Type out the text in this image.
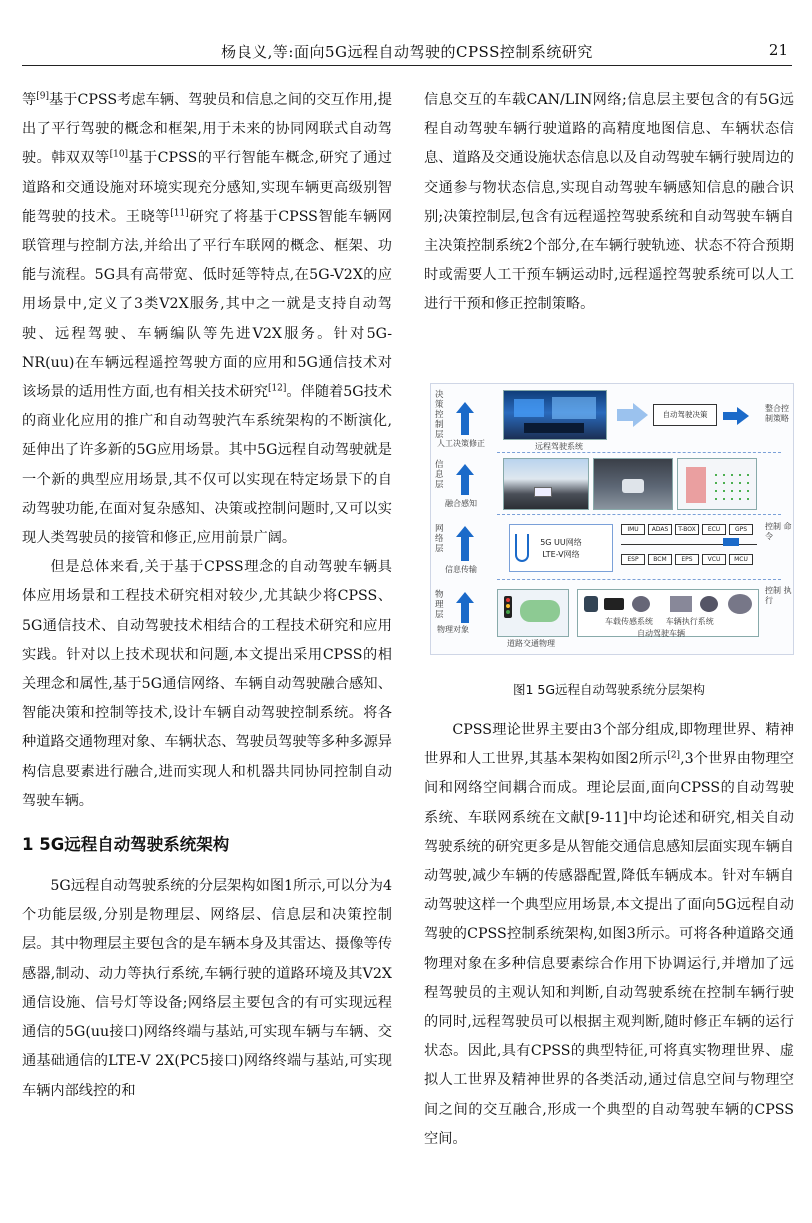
杨良义,等:面向5G远程自动驾驶的CPSS控制系统研究	21

等[9]基于CPSS考虑车辆、驾驶员和信息之间的交互作用,提出了平行驾驶的概念和框架,用于未来的协同网联式自动驾驶。韩双双等[10]基于CPSS的平行智能车概念,研究了通过道路和交通设施对环境实现充分感知,实现车辆更高级别智能驾驶的技术。王晓等[11]研究了将基于CPSS智能车辆网联管理与控制方法,并给出了平行车联网的概念、框架、功能与流程。5G具有高带宽、低时延等特点,在5G-V2X的应用场景中,定义了3类V2X服务,其中之一就是支持自动驾驶、远程驾驶、车辆编队等先进V2X服务。针对5G-NR(uu)在车辆远程遥控驾驶方面的应用和5G通信技术对该场景的适用性方面,也有相关技术研究[12]。伴随着5G技术的商业化应用的推广和自动驾驶汽车系统架构的不断演化,延伸出了许多新的5G应用场景。其中5G远程自动驾驶就是一个新的典型应用场景,其不仅可以实现在特定场景下的自动驾驶功能,在面对复杂感知、决策或控制问题时,又可以实现人类驾驶员的接管和修正,应用前景广阔。

但是总体来看,关于基于CPSS理念的自动驾驶车辆具体应用场景和工程技术研究相对较少,尤其缺少将CPSS、5G通信技术、自动驾驶技术相结合的工程技术研究和应用实践。针对以上技术现状和问题,本文提出采用CPSS的相关理念和属性,基于5G通信网络、车辆自动驾驶融合感知、智能决策和控制等技术,设计车辆自动驾驶控制系统。将各种道路交通物理对象、车辆状态、驾驶员驾驶等多种多源异构信息要素进行融合,进而实现人和机器共同协同控制自动驾驶车辆。

1 5G远程自动驾驶系统架构

5G远程自动驾驶系统的分层架构如图1所示,可以分为4个功能层级,分别是物理层、网络层、信息层和决策控制层。其中物理层主要包含的是车辆本身及其雷达、摄像等传感器,制动、动力等执行系统,车辆行驶的道路环境及其V2X通信设施、信号灯等设备;网络层主要包含的有可实现远程通信的5G(uu接口)网络终端与基站,可实现车辆与车辆、交通基础通信的LTE-V 2X(PC5接口)网络终端与基站,可实现车辆内部线控的和

信息交互的车载CAN/LIN网络;信息层主要包含的有5G远程自动驾驶车辆行驶道路的高精度地图信息、车辆状态信息、道路及交通设施状态信息以及自动驾驶车辆行驶周边的交通参与物状态信息,实现自动驾驶车辆感知信息的融合识别;决策控制层,包含有远程遥控驾驶系统和自动驾驶车辆自主决策控制系统2个部分,在车辆行驶轨迹、状态不符合预期时或需要人工干预车辆运动时,远程遥控驾驶系统可以人工进行干预和修正控制策略。

决策控制层
信息层
网络层
物理层
人工决策修正
融合感知
信息传输
物理对象
远程驾驶系统
自动驾驶决策
整合控 制策略
5G UU网络
LTE-V网络
IMU	ADAS	T-BOX	ECU	GPS
ESP	BCM	EPS	VCU	MCU
控制 命令
道路交通物理
车载传感系统     车辆执行系统
自动驾驶车辆
控制 执行
图1 5G远程自动驾驶系统分层架构

CPSS理论世界主要由3个部分组成,即物理世界、精神世界和人工世界,其基本架构如图2所示[2],3个世界由物理空间和网络空间耦合而成。理论层面,面向CPSS的自动驾驶系统、车联网系统在文献[9-11]中均论述和研究,相关自动驾驶系统的研究更多是从智能交通信息感知层面实现车辆自动驾驶,减少车辆的传感器配置,降低车辆成本。针对车辆自动驾驶这样一个典型应用场景,本文提出了面向5G远程自动驾驶的CPSS控制系统架构,如图3所示。可将各种道路交通物理对象在多种信息要素综合作用下协调运行,并增加了远程驾驶员的主观认知和判断,自动驾驶系统在控制车辆行驶的同时,远程驾驶员可以根据主观判断,随时修正车辆的运行状态。因此,具有CPSS的典型特征,可将真实物理世界、虚拟人工世界及精神世界的各类活动,通过信息空间与物理空间之间的交互融合,形成一个典型的自动驾驶车辆的CPSS空间。
